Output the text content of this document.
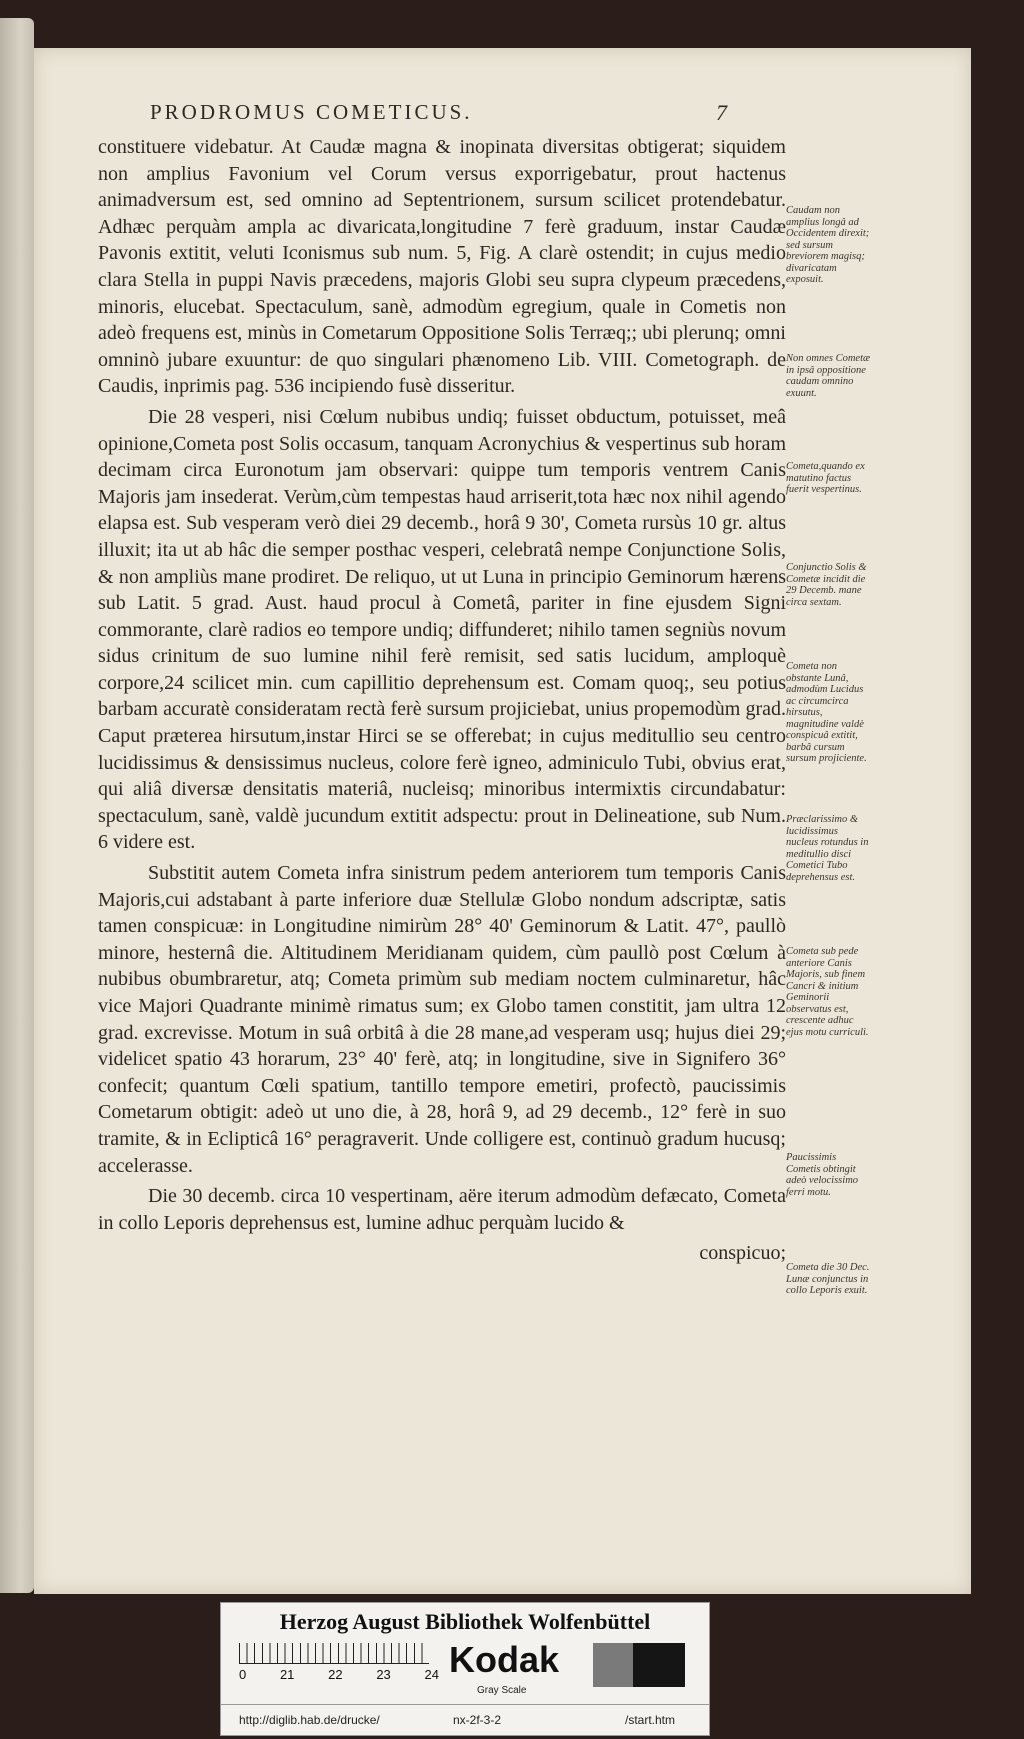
PRODROMUS COMETICUS.	7

constituere videbatur. At Caudæ magna & inopinata diversitas obtigerat; siquidem non amplius Favonium vel Corum versus exporrigebatur, prout hactenus animadversum est, sed omnino ad Septentrionem, sursum scilicet protendebatur. Adhæc perquàm ampla ac divaricata,longitudine 7 ferè graduum, instar Caudæ Pavonis extitit, veluti Iconismus sub num. 5, Fig. A clarè ostendit; in cujus medio clara Stella in puppi Navis præcedens, majoris Globi seu supra clypeum præcedens, minoris, elucebat. Spectaculum, sanè, admodùm egregium, quale in Cometis non adeò frequens est, minùs in Cometarum Oppositione Solis Terræq;; ubi plerunq; omni omninò jubare exuuntur: de quo singulari phænomeno Lib. VIII. Cometograph. de Caudis, inprimis pag. 536 incipiendo fusè disseritur.

Die 28 vesperi, nisi Cœlum nubibus undiq; fuisset obductum, potuisset, meâ opinione,Cometa post Solis occasum, tanquam Acronychius & vespertinus sub horam decimam circa Euronotum jam observari: quippe tum temporis ventrem Canis Majoris jam insederat. Verùm,cùm tempestas haud arriserit,tota hæc nox nihil agendo elapsa est. Sub vesperam verò diei 29 decemb., horâ 9 30', Cometa rursùs 10 gr. altus illuxit; ita ut ab hâc die semper posthac vesperi, celebratâ nempe Conjunctione Solis, & non ampliùs mane prodiret. De reliquo, ut ut Luna in principio Geminorum hærens sub Latit. 5 grad. Aust. haud procul à Cometâ, pariter in fine ejusdem Signi commorante, clarè radios eo tempore undiq; diffunderet; nihilo tamen segniùs novum sidus crinitum de suo lumine nihil ferè remisit, sed satis lucidum, amploquè corpore,24 scilicet min. cum capillitio deprehensum est. Comam quoq;, seu potius barbam accuratè consideratam rectà ferè sursum projiciebat, unius propemodùm grad. Caput præterea hirsutum,instar Hirci se se offerebat; in cujus meditullio seu centro lucidissimus & densissimus nucleus, colore ferè igneo, adminiculo Tubi, obvius erat, qui aliâ diversæ densitatis materiâ, nucleisq; minoribus intermixtis circundabatur: spectaculum, sanè, valdè jucundum extitit adspectu: prout in Delineatione, sub Num. 6 videre est.

Substitit autem Cometa infra sinistrum pedem anteriorem tum temporis Canis Majoris,cui adstabant à parte inferiore duæ Stellulæ Globo nondum adscriptæ, satis tamen conspicuæ: in Longitudine nimirùm 28° 40' Geminorum & Latit. 47°, paullò minore, hesternâ die. Altitudinem Meridianam quidem, cùm paullò post Cœlum à nubibus obumbraretur, atq; Cometa primùm sub mediam noctem culminaretur, hâc vice Majori Quadrante minimè rimatus sum; ex Globo tamen constitit, jam ultra 12 grad. excrevisse. Motum in suâ orbitâ à die 28 mane,ad vesperam usq; hujus diei 29; videlicet spatio 43 horarum, 23° 40' ferè, atq; in longitudine, sive in Signifero 36° confecit; quantum Cœli spatium, tantillo tempore emetiri, profectò, paucissimis Cometarum obtigit: adeò ut uno die, à 28, horâ 9, ad 29 decemb., 12° ferè in suo tramite, & in Eclipticâ 16° peragraverit. Unde colligere est, continuò gradum hucusq; accelerasse.

Die 30 decemb. circa 10 vespertinam, aëre iterum admodùm defæcato, Cometa in collo Leporis deprehensus est, lumine adhuc perquàm lucido &

conspicuo;

Caudam non amplius longâ ad Occidentem direxit; sed sursum breviorem magisq; divaricatam exposuit.
Non omnes Cometæ in ipsâ oppositione caudam omnino exuunt.
Cometa,quando ex matutino factus fuerit vespertinus.
Conjunctio Solis & Cometæ incidit die 29 Decemb. mane circa sextam.
Cometa non obstante Lunâ, admodùm Lucidus ac circumcirca hirsutus, magnitudine valdè conspicuâ extitit, barbâ cursum sursum projiciente.
Præclarissimo & lucidissimus nucleus rotundus in meditullio disci Cometici Tubo deprehensus est.
Cometa sub pede anteriore Canis Majoris, sub finem Cancri & initium Geminorii observatus est, crescente adhuc ejus motu curriculi.
Paucissimis Cometis obtingit adeò velocissimo ferri motu.
Cometa die 30 Dec. Lunæ conjunctus in collo Leporis exuit.
Herzog August Bibliothek Wolfenbüttel
0	21	22	23	24 Kodak
Gray Scale
http://diglib.hab.de/drucke/	nx-2f-3-2	/start.htm
